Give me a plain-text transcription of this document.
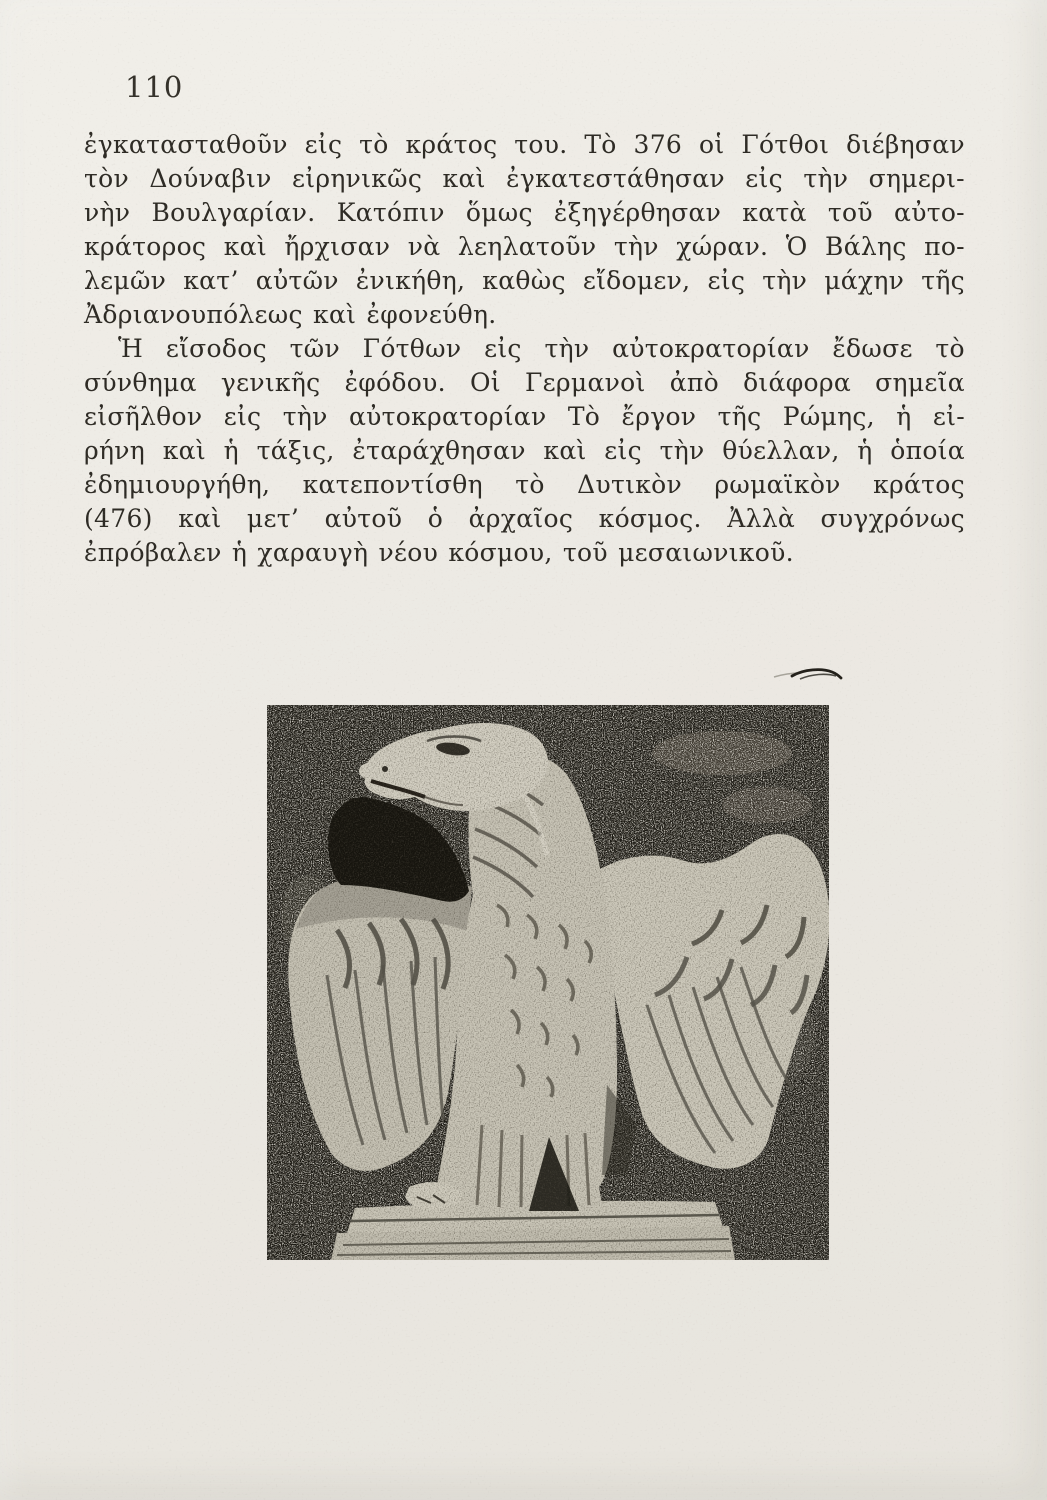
110
ἐγκατασταθοῦν εἰς τὸ κράτος του. Τὸ 376 οἱ Γότθοι διέβησαν
τὸν Δούναβιν εἰρηνικῶς καὶ ἐγκατεστάθησαν εἰς τὴν σημερι-
νὴν Βουλγαρίαν. Κατόπιν ὅμως ἐξηγέρθησαν κατὰ τοῦ αὐτο-
κράτορος καὶ ἤρχισαν νὰ λεηλατοῦν τὴν χώραν. Ὁ Βάλης πο-
λεμῶν κατ’ αὐτῶν ἐνικήθη, καθὼς εἴδομεν, εἰς τὴν μάχην τῆς
Ἀδριανουπόλεως καὶ ἐφονεύθη.
Ἡ εἴσοδος τῶν Γότθων εἰς τὴν αὐτοκρατορίαν ἔδωσε τὸ
σύνθημα γενικῆς ἐφόδου. Οἱ Γερμανοὶ ἀπὸ διάφορα σημεῖα
εἰσῆλθον εἰς τὴν αὐτοκρατορίαν Τὸ ἔργον τῆς Ρώμης, ἡ εἰ-
ρήνη καὶ ἡ τάξις, ἐταράχθησαν καὶ εἰς τὴν θύελλαν, ἡ ὁποία
ἐδημιουργήθη, κατεποντίσθη τὸ Δυτικὸν ρωμαϊκὸν κράτος
(476) καὶ μετ’ αὐτοῦ ὁ ἀρχαῖος κόσμος. Ἀλλὰ συγχρόνως
ἐπρόβαλεν ἡ χαραυγὴ νέου κόσμου, τοῦ μεσαιωνικοῦ.
